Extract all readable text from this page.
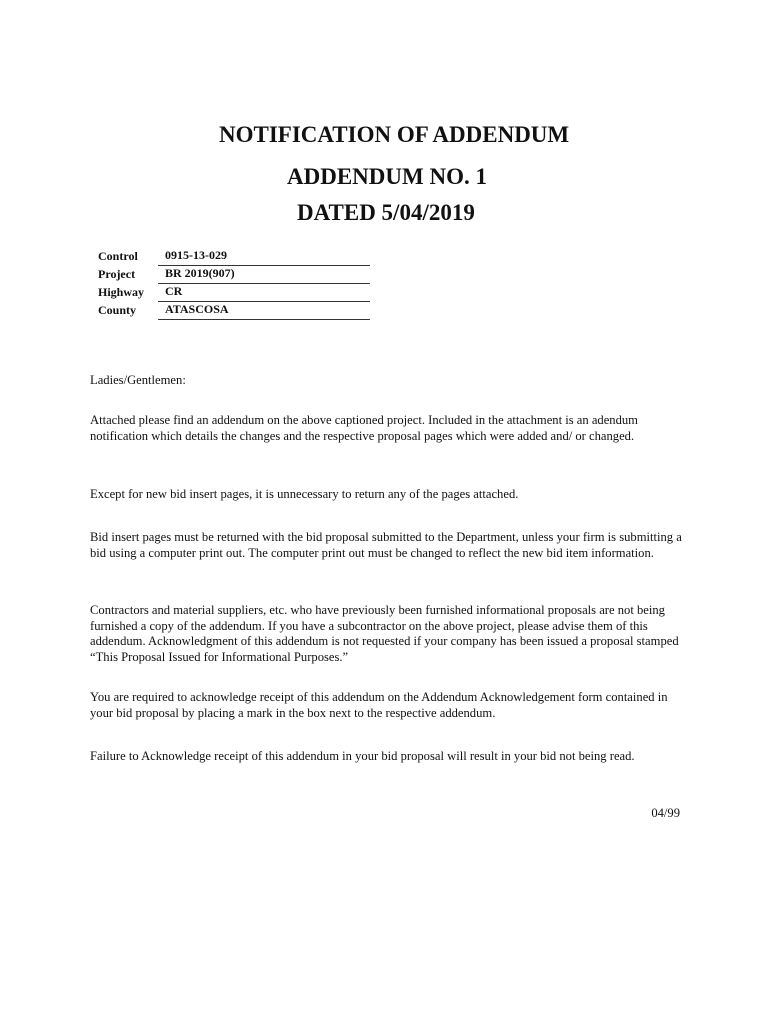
NOTIFICATION OF ADDENDUM
ADDENDUM NO. 1
DATED 5/04/2019
Control	0915-13-029
Project	BR 2019(907)
Highway	CR
County	ATASCOSA

Ladies/Gentlemen:

Attached please find an addendum on the above captioned project. Included in the attachment is an adendum notification which details the changes and the respective proposal pages which were added and/ or changed.

Except for new bid insert pages, it is unnecessary to return any of the pages attached.

Bid insert pages must be returned with the bid proposal submitted to the Department, unless your firm is submitting a bid using a computer print out. The computer print out must be changed to reflect the new bid item information.

Contractors and material suppliers, etc. who have previously been furnished informational proposals are not being furnished a copy of the addendum. If you have a subcontractor on the above project, please advise them of this addendum. Acknowledgment of this addendum is not requested if your company has been issued a proposal stamped “This Proposal Issued for Informational Purposes.”

You are required to acknowledge receipt of this addendum on the Addendum Acknowledgement form contained in your bid proposal by placing a mark in the box next to the respective addendum.

Failure to Acknowledge receipt of this addendum in your bid proposal will result in your bid not being read.

04/99
